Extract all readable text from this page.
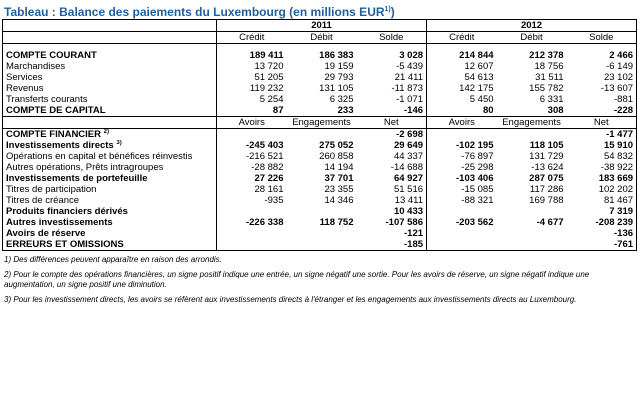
Tableau : Balance des paiements du Luxembourg (en millions EUR$^{1)}$)
	2011			2012		
	Crédit	Débit	Solde	Crédit	Débit	Solde

COMPTE COURANT	189 411	186 383	3 028	214 844	212 378	2 466
Marchandises	13 720	19 159	-5 439	12 607	18 756	-6 149
Services	51 205	29 793	21 411	54 613	31 511	23 102
Revenus	119 232	131 105	-11 873	142 175	155 782	-13 607
Transferts courants	5 254	6 325	-1 071	5 450	6 331	-881
COMPTE DE CAPITAL	87	233	-146	80	308	-228
	Avoirs	Engagements	Net	Avoirs	Engagements	Net
COMPTE FINANCIER $^{2)}$			-2 698			-1 477
Investissements directs $^{3)}$	-245 403	275 052	29 649	-102 195	118 105	15 910
Opérations en capital et bénéfices réinvestis	-216 521	260 858	44 337	-76 897	131 729	54 832
Autres opérations, Prêts intragroupes	-28 882	14 194	-14 688	-25 298	-13 624	-38 922
Investissements de portefeuille	27 226	37 701	64 927	-103 406	287 075	183 669
Titres de participation	28 161	23 355	51 516	-15 085	117 286	102 202
Titres de créance	-935	14 346	13 411	-88 321	169 788	81 467
Produits financiers dérivés			10 433			7 319
Autres investissements	-226 338	118 752	-107 586	-203 562	-4 677	-208 239
Avoirs de réserve			-121			-136
ERREURS ET OMISSIONS			-185			-761

1) Des différences peuvent apparaître en raison des arrondis.

2) Pour le compte des opérations financières, un signe positif indique une entrée, un signe négatif une sortie. Pour les avoirs de réserve, un signe négatif indique une augmentation, un signe positif une diminution.

3) Pour les investissement directs, les avoirs se réfèrent aux investissements directs à l'étranger et les engagements aux investissements directs au Luxembourg.
